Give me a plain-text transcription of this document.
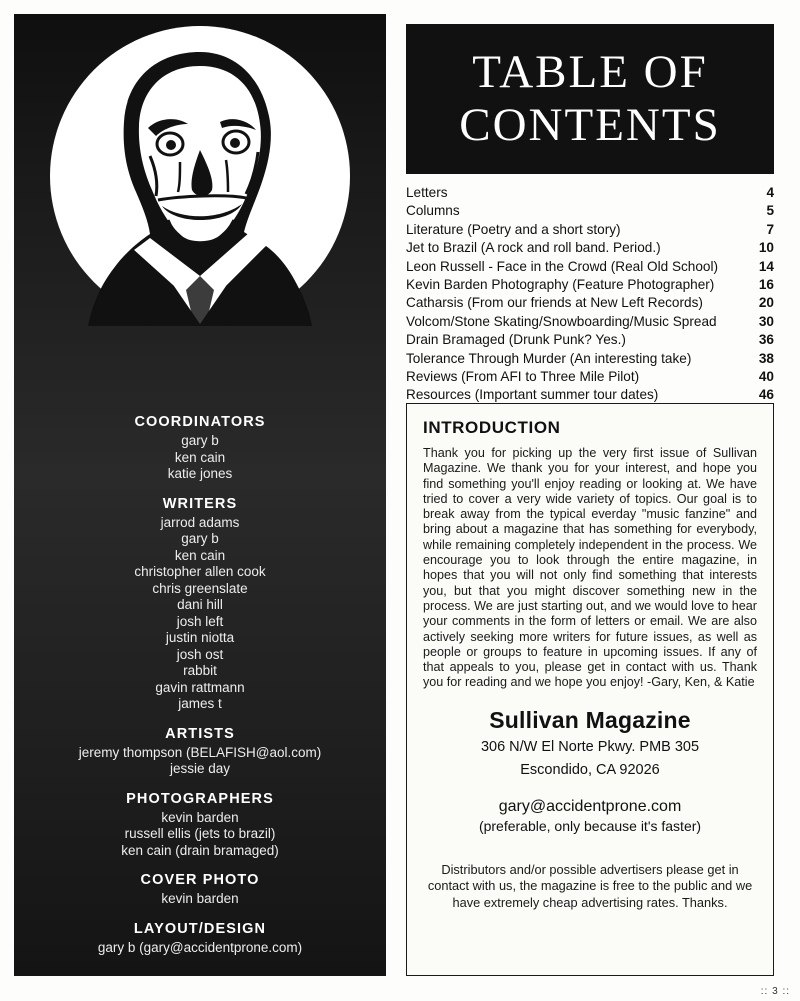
COORDINATORS
gary b
ken cain
katie jones
WRITERS
jarrod adams
gary b
ken cain
christopher allen cook
chris greenslate
dani hill
josh left
justin niotta
josh ost
rabbit
gavin rattmann
james t
ARTISTS
jeremy thompson (BELAFISH@aol.com)
jessie day
PHOTOGRAPHERS
kevin barden
russell ellis (jets to brazil)
ken cain (drain bramaged)
COVER PHOTO
kevin barden
LAYOUT/DESIGN
gary b (gary@accidentprone.com)
TABLE OF
CONTENTS
Letters	4
Columns	5
Literature (Poetry and a short story)	7
Jet to Brazil (A rock and roll band. Period.)	10
Leon Russell - Face in the Crowd (Real Old School)	14
Kevin Barden Photography (Feature Photographer)	16
Catharsis (From our friends at New Left Records)	20
Volcom/Stone Skating/Snowboarding/Music Spread	30
Drain Bramaged (Drunk Punk? Yes.)	36
Tolerance Through Murder (An interesting take)	38
Reviews (From AFI to Three Mile Pilot)	40
Resources (Important summer tour dates)	46
INTRODUCTION
Thank you for picking up the very first issue of Sullivan Magazine. We thank you for your interest, and hope you find something you'll enjoy reading or looking at. We have tried to cover a very wide variety of topics. Our goal is to break away from the typical everday "music fanzine" and bring about a magazine that has something for everybody, while remaining completely independent in the process. We encourage you to look through the entire magazine, in hopes that you will not only find something that interests you, but that you might discover something new in the process. We are just starting out, and we would love to hear your comments in the form of letters or email. We are also actively seeking more writers for future issues, as well as people or groups to feature in upcoming issues. If any of that appeals to you, please get in contact with us. Thank you for reading and we hope you enjoy! -Gary, Ken, & Katie
Sullivan Magazine
306 N/W El Norte Pkwy. PMB 305
Escondido, CA 92026
gary@accidentprone.com
(preferable, only because it's faster)
Distributors and/or possible advertisers please get in contact with us, the magazine is free to the public and we have extremely cheap advertising rates. Thanks.
:: 3 ::
